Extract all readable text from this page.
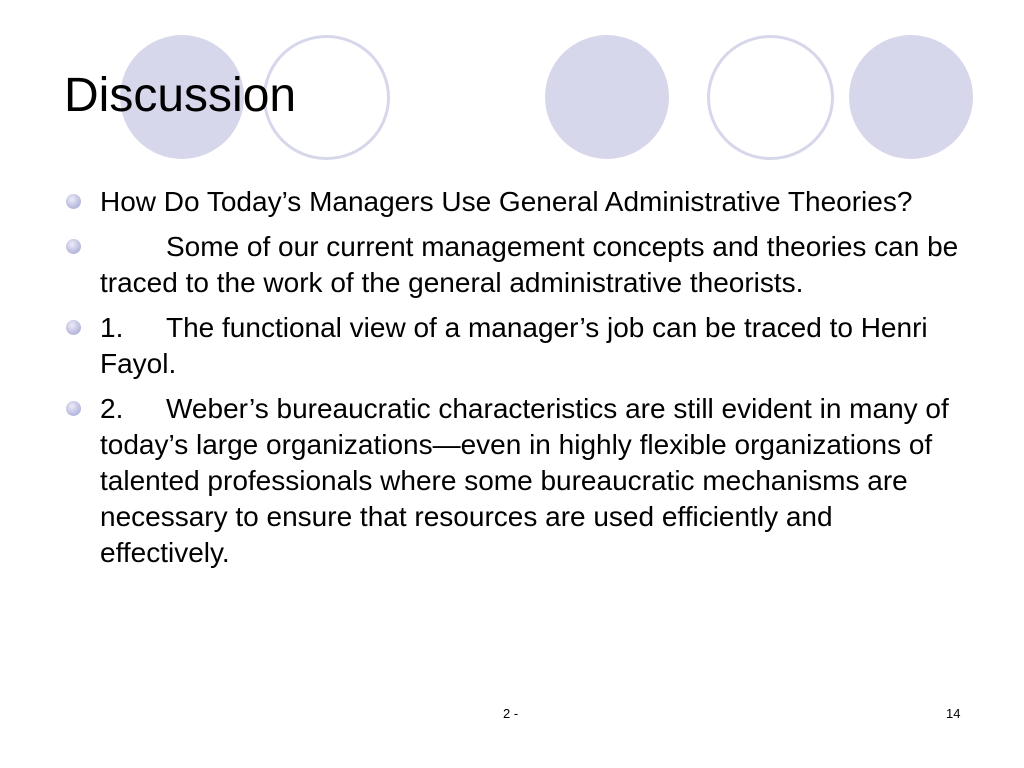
Discussion
How Do Today’s Managers Use General Administrative Theories?
Some of our current management concepts and theories can be traced to the work of the general administrative theorists.
1. The functional view of a manager’s job can be traced to Henri Fayol.
2. Weber’s bureaucratic characteristics are still evident in many of today’s large organizations—even in highly flexible organizations of talented professionals where some bureaucratic mechanisms are necessary to ensure that resources are used efficiently and effectively.
2 -	14
